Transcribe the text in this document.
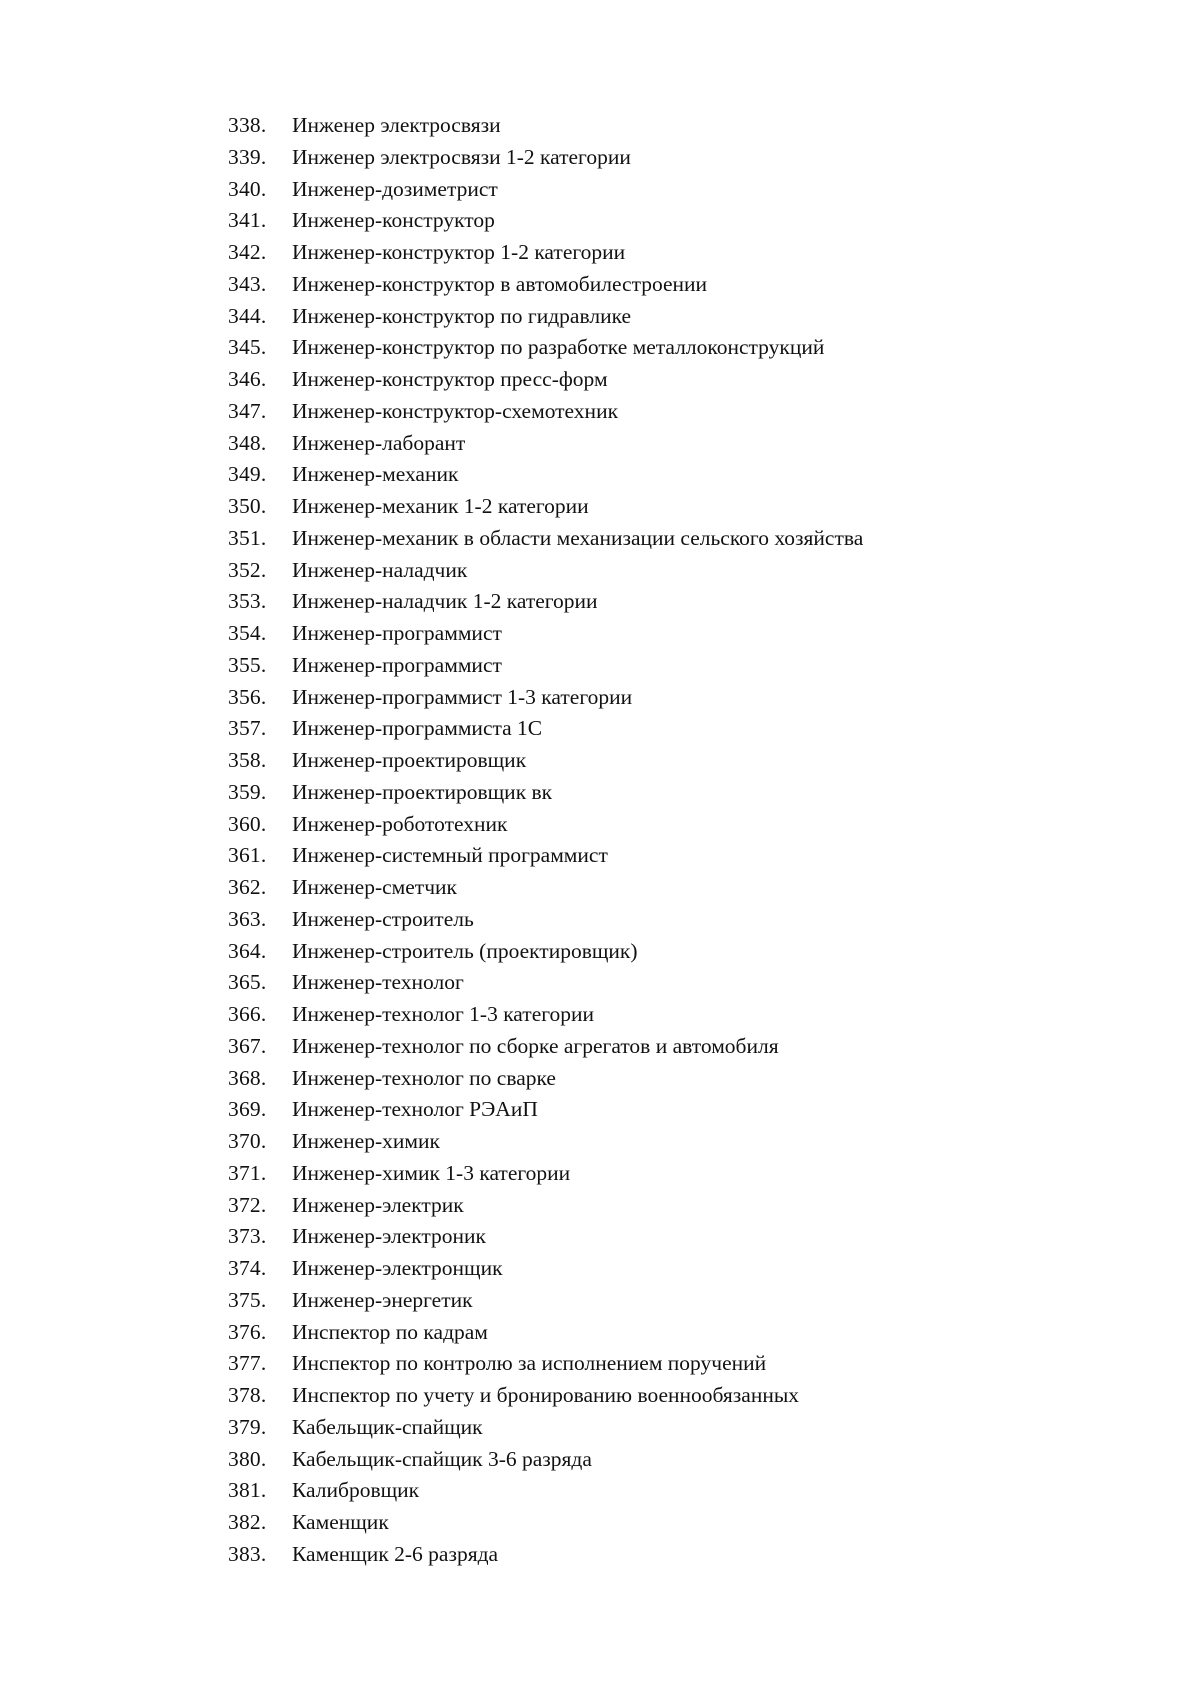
338.	Инженер электросвязи
339.	Инженер электросвязи 1-2 категории
340.	Инженер-дозиметрист
341.	Инженер-конструктор
342.	Инженер-конструктор 1-2 категории
343.	Инженер-конструктор в автомобилестроении
344.	Инженер-конструктор по гидравлике
345.	Инженер-конструктор по разработке металлоконструкций
346.	Инженер-конструктор пресс-форм
347.	Инженер-конструктор-схемотехник
348.	Инженер-лаборант
349.	Инженер-механик
350.	Инженер-механик 1-2 категории
351.	Инженер-механик в области механизации сельского хозяйства
352.	Инженер-наладчик
353.	Инженер-наладчик 1-2 категории
354.	Инженер-программист
355.	Инженер-программист
356.	Инженер-программист 1-3 категории
357.	Инженер-программиста 1С
358.	Инженер-проектировщик
359.	Инженер-проектировщик вк
360.	Инженер-робототехник
361.	Инженер-системный программист
362.	Инженер-сметчик
363.	Инженер-строитель
364.	Инженер-строитель (проектировщик)
365.	Инженер-технолог
366.	Инженер-технолог 1-3 категории
367.	Инженер-технолог по сборке агрегатов и автомобиля
368.	Инженер-технолог по сварке
369.	Инженер-технолог РЭАиП
370.	Инженер-химик
371.	Инженер-химик 1-3 категории
372.	Инженер-электрик
373.	Инженер-электроник
374.	Инженер-электронщик
375.	Инженер-энергетик
376.	Инспектор по кадрам
377.	Инспектор по контролю за исполнением поручений
378.	Инспектор по учету и бронированию военнообязанных
379.	Кабельщик-спайщик
380.	Кабельщик-спайщик 3-6 разряда
381.	Калибровщик
382.	Каменщик
383.	Каменщик 2-6 разряда
